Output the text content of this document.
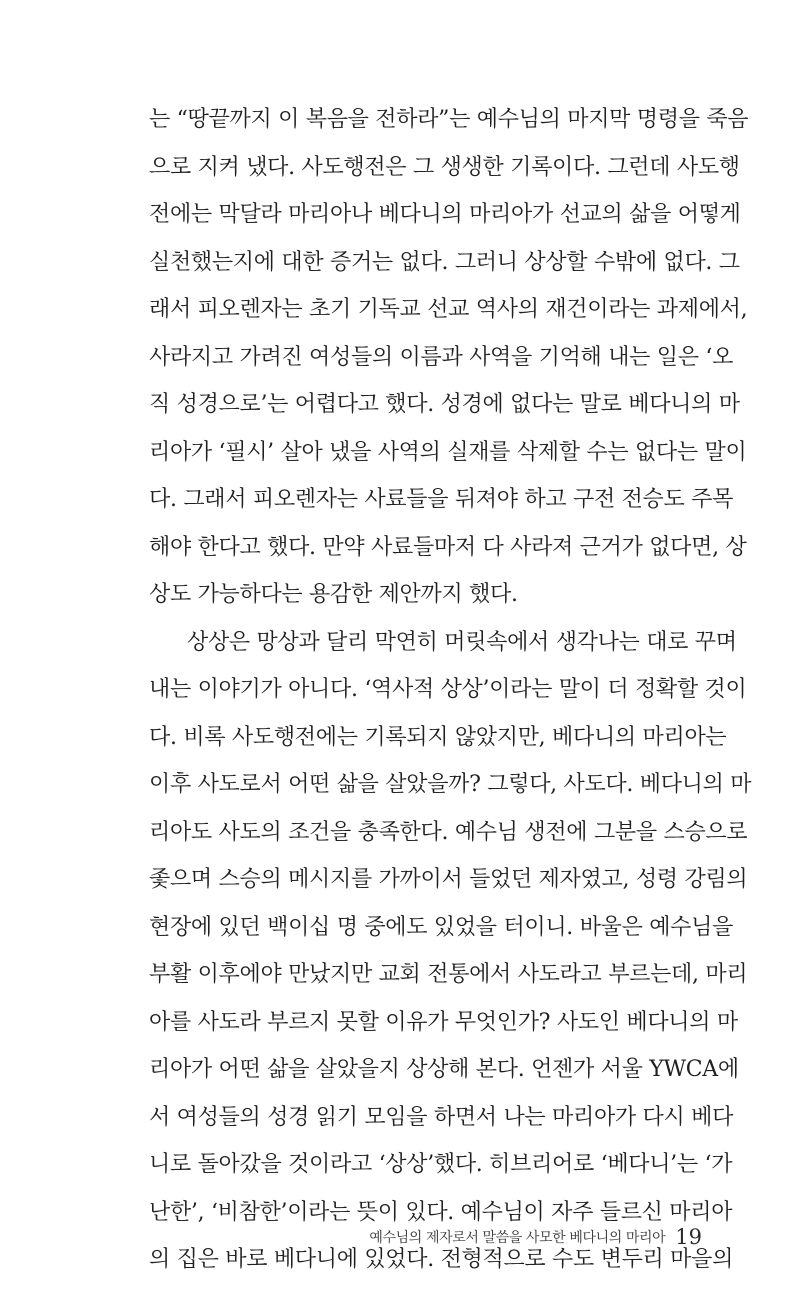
는 “땅끝까지 이 복음을 전하라”는 예수님의 마지막 명령을 죽음
으로 지켜 냈다. 사도행전은 그 생생한 기록이다. 그런데 사도행
전에는 막달라 마리아나 베다니의 마리아가 선교의 삶을 어떻게
실천했는지에 대한 증거는 없다. 그러니 상상할 수밖에 없다. 그
래서 피오렌자는 초기 기독교 선교 역사의 재건이라는 과제에서,
사라지고 가려진 여성들의 이름과 사역을 기억해 내는 일은 ‘오
직 성경으로’는 어렵다고 했다. 성경에 없다는 말로 베다니의 마
리아가 ‘필시’ 살아 냈을 사역의 실재를 삭제할 수는 없다는 말이
다. 그래서 피오렌자는 사료들을 뒤져야 하고 구전 전승도 주목
해야 한다고 했다. 만약 사료들마저 다 사라져 근거가 없다면, 상
상도 가능하다는 용감한 제안까지 했다.
상상은 망상과 달리 막연히 머릿속에서 생각나는 대로 꾸며
내는 이야기가 아니다. ‘역사적 상상’이라는 말이 더 정확할 것이
다. 비록 사도행전에는 기록되지 않았지만, 베다니의 마리아는
이후 사도로서 어떤 삶을 살았을까? 그렇다, 사도다. 베다니의 마
리아도 사도의 조건을 충족한다. 예수님 생전에 그분을 스승으로
좇으며 스승의 메시지를 가까이서 들었던 제자였고, 성령 강림의
현장에 있던 백이십 명 중에도 있었을 터이니. 바울은 예수님을
부활 이후에야 만났지만 교회 전통에서 사도라고 부르는데, 마리
아를 사도라 부르지 못할 이유가 무엇인가? 사도인 베다니의 마
리아가 어떤 삶을 살았을지 상상해 본다. 언젠가 서울 YWCA에
서 여성들의 성경 읽기 모임을 하면서 나는 마리아가 다시 베다
니로 돌아갔을 것이라고 ‘상상’했다. 히브리어로 ‘베다니’는 ‘가
난한’, ‘비참한’이라는 뜻이 있다. 예수님이 자주 들르신 마리아
의 집은 바로 베다니에 있었다. 전형적으로 수도 변두리 마을의
예수님의 제자로서 말씀을 사모한 베다니의 마리아 19
